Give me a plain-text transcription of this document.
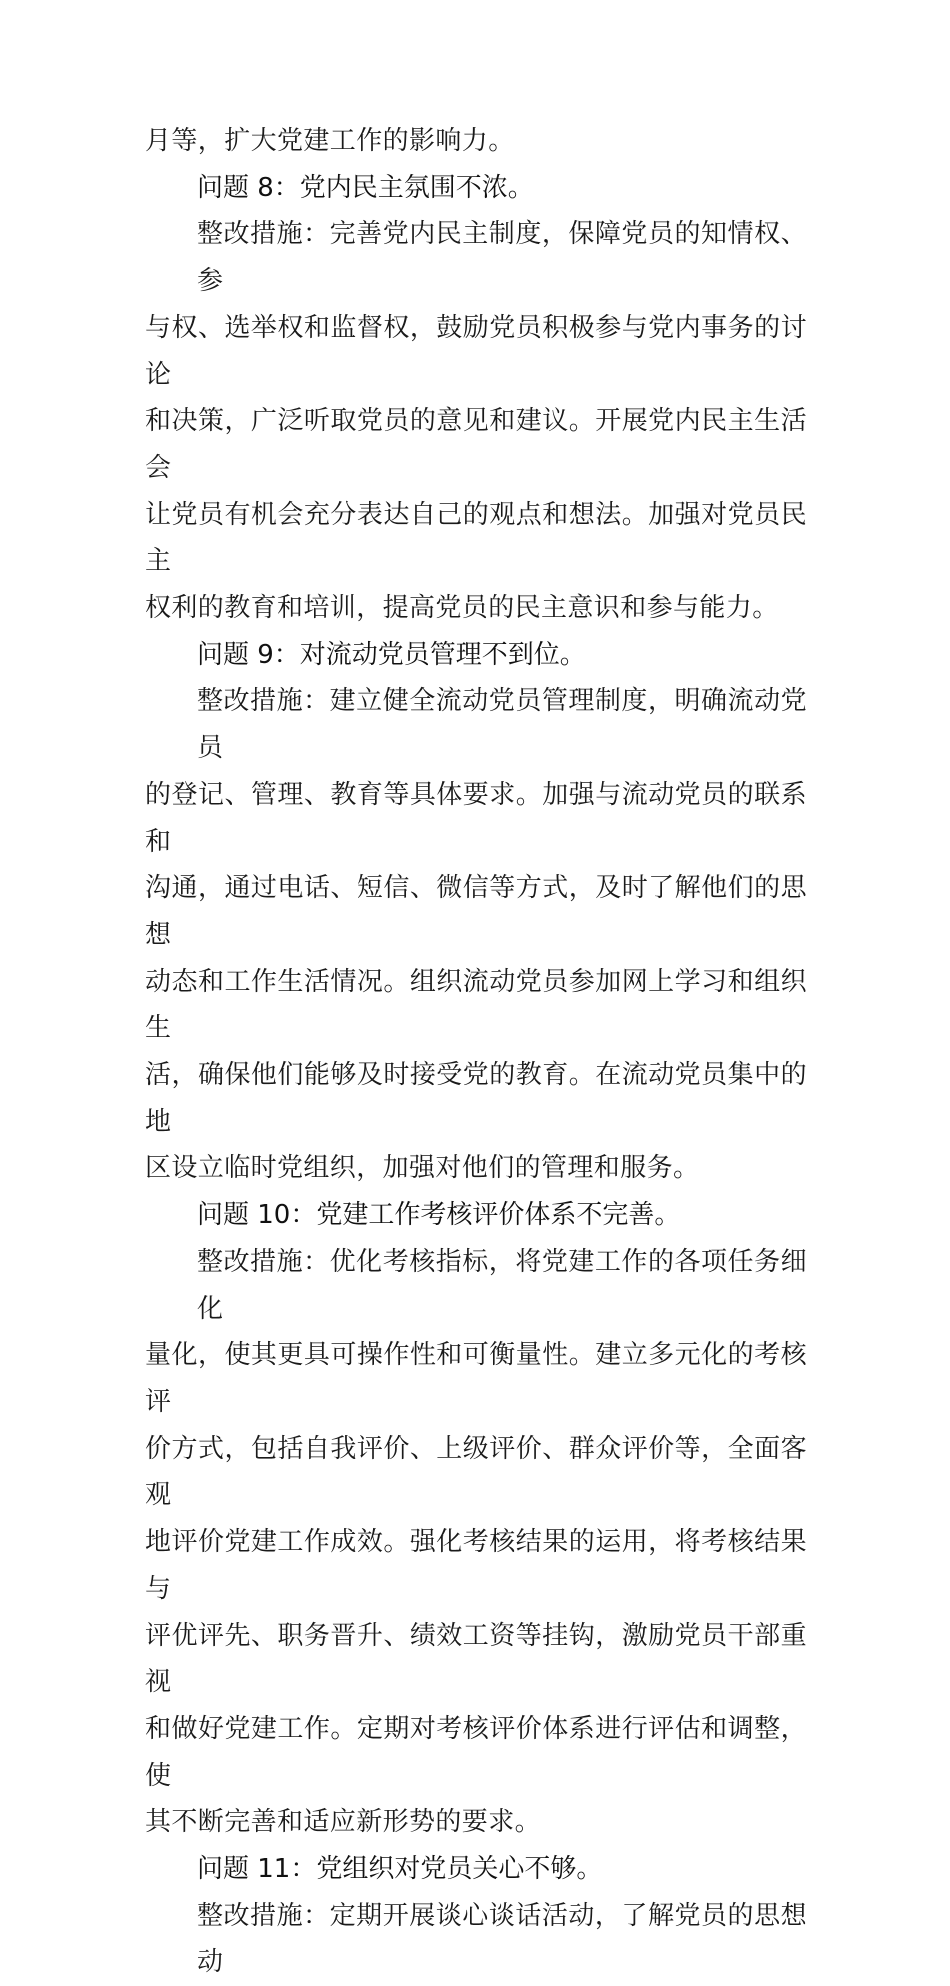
月等，扩大党建工作的影响力。

问题 8：党内民主氛围不浓。

整改措施：完善党内民主制度，保障党员的知情权、参

与权、选举权和监督权，鼓励党员积极参与党内事务的讨论

和决策，广泛听取党员的意见和建议。开展党内民主生活会

让党员有机会充分表达自己的观点和想法。加强对党员民主

权利的教育和培训，提高党员的民主意识和参与能力。

问题 9：对流动党员管理不到位。

整改措施：建立健全流动党员管理制度，明确流动党员

的登记、管理、教育等具体要求。加强与流动党员的联系和

沟通，通过电话、短信、微信等方式，及时了解他们的思想

动态和工作生活情况。组织流动党员参加网上学习和组织生

活，确保他们能够及时接受党的教育。在流动党员集中的地

区设立临时党组织，加强对他们的管理和服务。

问题 10：党建工作考核评价体系不完善。

整改措施：优化考核指标，将党建工作的各项任务细化

量化，使其更具可操作性和可衡量性。建立多元化的考核评

价方式，包括自我评价、上级评价、群众评价等，全面客观

地评价党建工作成效。强化考核结果的运用，将考核结果与

评优评先、职务晋升、绩效工资等挂钩，激励党员干部重视

和做好党建工作。定期对考核评价体系进行评估和调整，使

其不断完善和适应新形势的要求。

问题 11：党组织对党员关心不够。

整改措施：定期开展谈心谈话活动，了解党员的思想动
